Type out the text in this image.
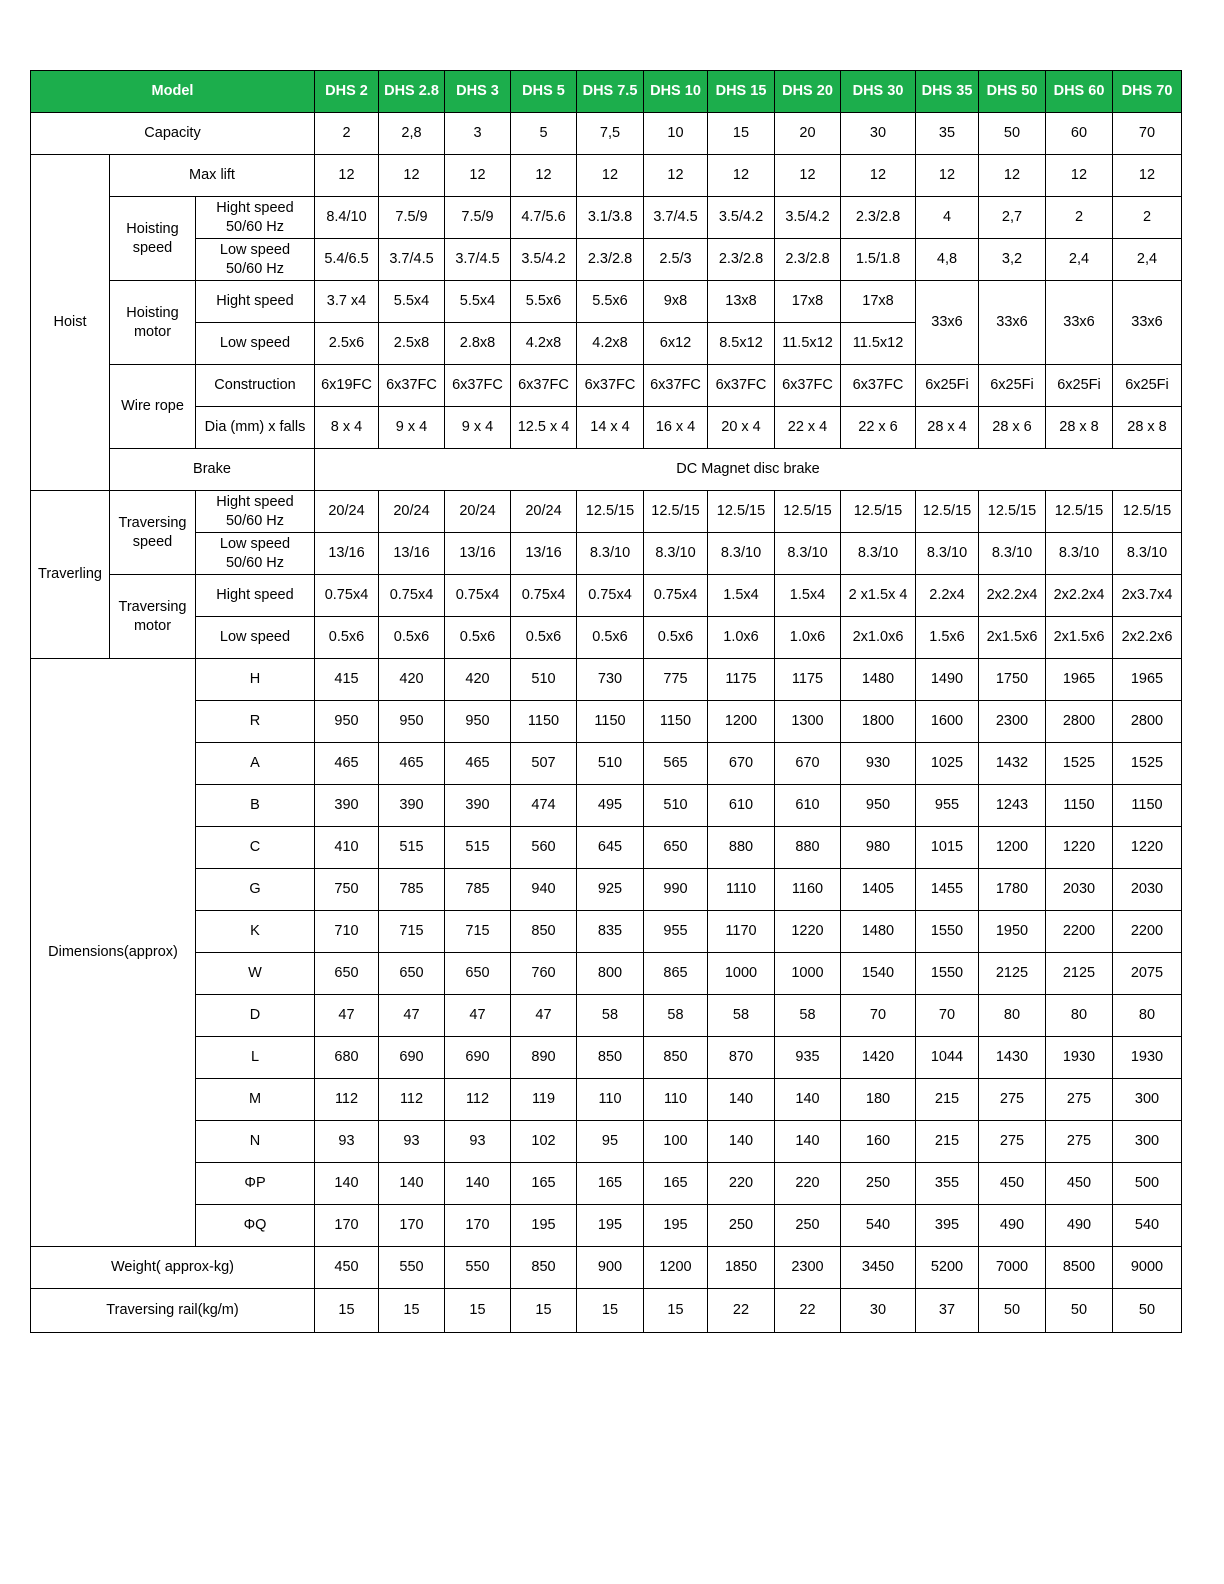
Model			DHS 2	DHS 2.8	DHS 3	DHS 5	DHS 7.5	DHS 10	DHS 15	DHS 20	DHS 30	DHS 35	DHS 50	DHS 60	DHS 70
Capacity			2	2,8	3	5	7,5	10	15	20	30	35	50	60	70
Hoist	Max lift		12	12	12	12	12	12	12	12	12	12	12	12	12
	Hoisting speed	Hight speed 50/60 Hz	8.4/10	7.5/9	7.5/9	4.7/5.6	3.1/3.8	3.7/4.5	3.5/4.2	3.5/4.2	2.3/2.8	4	2,7	2	2
		Low speed 50/60 Hz	5.4/6.5	3.7/4.5	3.7/4.5	3.5/4.2	2.3/2.8	2.5/3	2.3/2.8	2.3/2.8	1.5/1.8	4,8	3,2	2,4	2,4
	Hoisting motor	Hight speed	3.7 x4	5.5x4	5.5x4	5.5x6	5.5x6	9x8	13x8	17x8	17x8	33x6	33x6	33x6	33x6
		Low speed	2.5x6	2.5x8	2.8x8	4.2x8	4.2x8	6x12	8.5x12	11.5x12	11.5x12				
	Wire rope	Construction	6x19FC	6x37FC	6x37FC	6x37FC	6x37FC	6x37FC	6x37FC	6x37FC	6x37FC	6x25Fi	6x25Fi	6x25Fi	6x25Fi
		Dia (mm) x falls	8 x 4	9 x 4	9 x 4	12.5 x 4	14 x 4	16 x 4	20 x 4	22 x 4	22 x 6	28 x 4	28 x 6	28 x 8	28 x 8
	Brake		DC Magnet disc brake												
Traverling	Traversing speed	Hight speed 50/60 Hz	20/24	20/24	20/24	20/24	12.5/15	12.5/15	12.5/15	12.5/15	12.5/15	12.5/15	12.5/15	12.5/15	12.5/15
		Low speed 50/60 Hz	13/16	13/16	13/16	13/16	8.3/10	8.3/10	8.3/10	8.3/10	8.3/10	8.3/10	8.3/10	8.3/10	8.3/10
	Traversing motor	Hight speed	0.75x4	0.75x4	0.75x4	0.75x4	0.75x4	0.75x4	1.5x4	1.5x4	2 x1.5x 4	2.2x4	2x2.2x4	2x2.2x4	2x3.7x4
		Low speed	0.5x6	0.5x6	0.5x6	0.5x6	0.5x6	0.5x6	1.0x6	1.0x6	2x1.0x6	1.5x6	2x1.5x6	2x1.5x6	2x2.2x6
Dimensions(approx)		H	415	420	420	510	730	775	1175	1175	1480	1490	1750	1965	1965
		R	950	950	950	1150	1150	1150	1200	1300	1800	1600	2300	2800	2800
		A	465	465	465	507	510	565	670	670	930	1025	1432	1525	1525
		B	390	390	390	474	495	510	610	610	950	955	1243	1150	1150
		C	410	515	515	560	645	650	880	880	980	1015	1200	1220	1220
		G	750	785	785	940	925	990	1110	1160	1405	1455	1780	2030	2030
		K	710	715	715	850	835	955	1170	1220	1480	1550	1950	2200	2200
		W	650	650	650	760	800	865	1000	1000	1540	1550	2125	2125	2075
		D	47	47	47	47	58	58	58	58	70	70	80	80	80
		L	680	690	690	890	850	850	870	935	1420	1044	1430	1930	1930
		M	112	112	112	119	110	110	140	140	180	215	275	275	300
		N	93	93	93	102	95	100	140	140	160	215	275	275	300
		ΦP	140	140	140	165	165	165	220	220	250	355	450	450	500
		ΦQ	170	170	170	195	195	195	250	250	540	395	490	490	540
Weight( approx-kg)			450	550	550	850	900	1200	1850	2300	3450	5200	7000	8500	9000
Traversing rail(kg/m)			15	15	15	15	15	15	22	22	30	37	50	50	50
